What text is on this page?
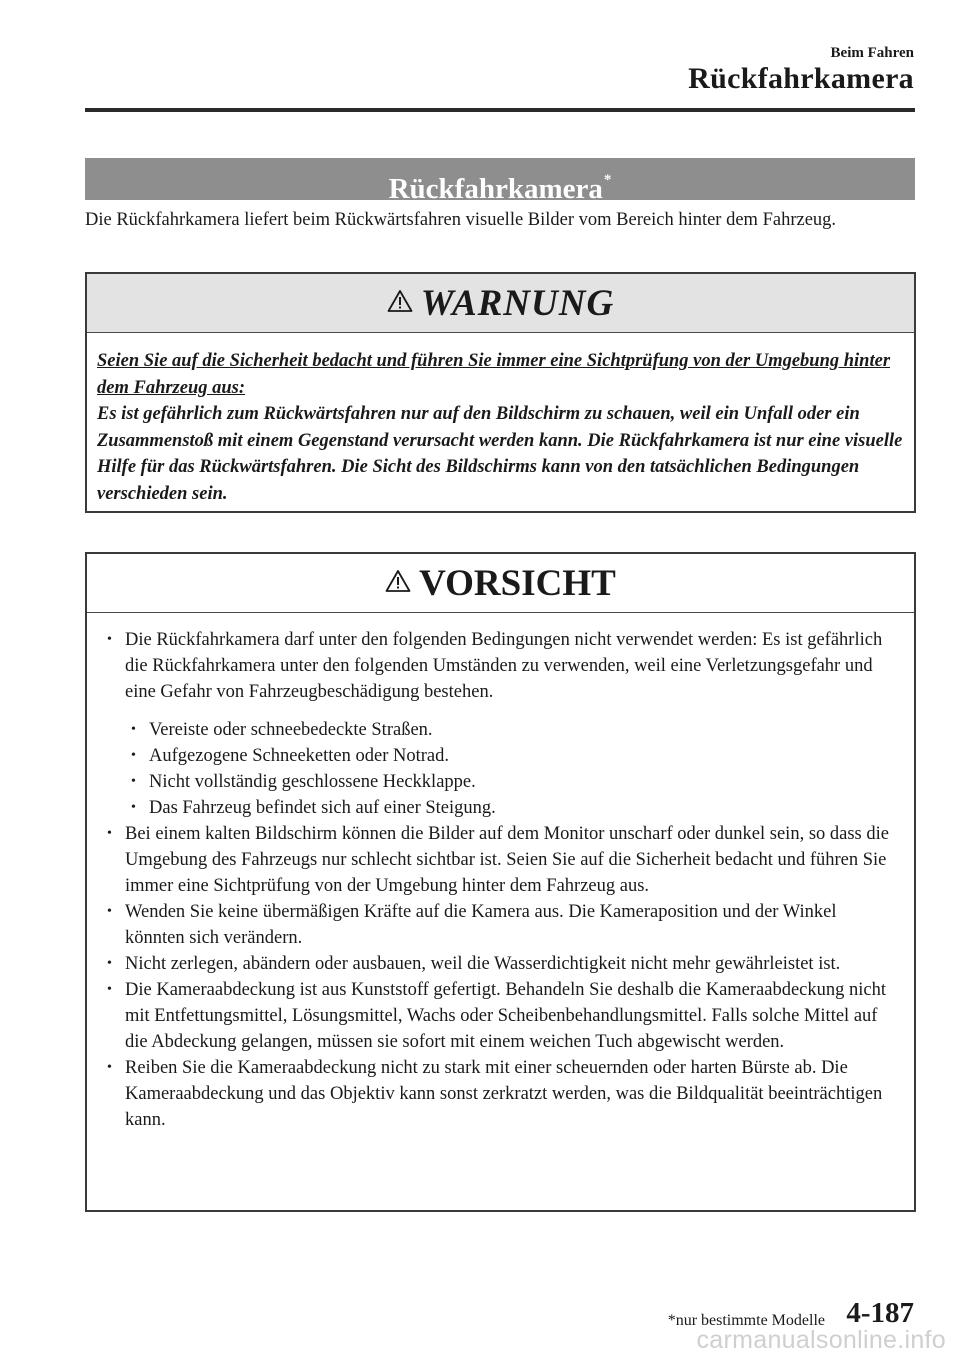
Beim Fahren
Rückfahrkamera
Rückfahrkamera*
Die Rückfahrkamera liefert beim Rückwärtsfahren visuelle Bilder vom Bereich hinter dem Fahrzeug.
WARNUNG
Seien Sie auf die Sicherheit bedacht und führen Sie immer eine Sichtprüfung von der Umgebung hinter dem Fahrzeug aus:
Es ist gefährlich zum Rückwärtsfahren nur auf den Bildschirm zu schauen, weil ein Unfall oder ein Zusammenstoß mit einem Gegenstand verursacht werden kann. Die Rückfahrkamera ist nur eine visuelle Hilfe für das Rückwärtsfahren. Die Sicht des Bildschirms kann von den tatsächlichen Bedingungen verschieden sein.
VORSICHT
• Die Rückfahrkamera darf unter den folgenden Bedingungen nicht verwendet werden: Es ist gefährlich die Rückfahrkamera unter den folgenden Umständen zu verwenden, weil eine Verletzungsgefahr und eine Gefahr von Fahrzeugbeschädigung bestehen.
• Vereiste oder schneebedeckte Straßen.
• Aufgezogene Schneeketten oder Notrad.
• Nicht vollständig geschlossene Heckklappe.
• Das Fahrzeug befindet sich auf einer Steigung.
• Bei einem kalten Bildschirm können die Bilder auf dem Monitor unscharf oder dunkel sein, so dass die Umgebung des Fahrzeugs nur schlecht sichtbar ist. Seien Sie auf die Sicherheit bedacht und führen Sie immer eine Sichtprüfung von der Umgebung hinter dem Fahrzeug aus.
• Wenden Sie keine übermäßigen Kräfte auf die Kamera aus. Die Kameraposition und der Winkel könnten sich verändern.
• Nicht zerlegen, abändern oder ausbauen, weil die Wasserdichtigkeit nicht mehr gewährleistet ist.
• Die Kameraabdeckung ist aus Kunststoff gefertigt. Behandeln Sie deshalb die Kameraabdeckung nicht mit Entfettungsmittel, Lösungsmittel, Wachs oder Scheibenbehandlungsmittel. Falls solche Mittel auf die Abdeckung gelangen, müssen sie sofort mit einem weichen Tuch abgewischt werden.
• Reiben Sie die Kameraabdeckung nicht zu stark mit einer scheuernden oder harten Bürste ab. Die Kameraabdeckung und das Objektiv kann sonst zerkratzt werden, was die Bildqualität beeinträchtigen kann.
*nur bestimmte Modelle 4-187
carmanualsonline.info
